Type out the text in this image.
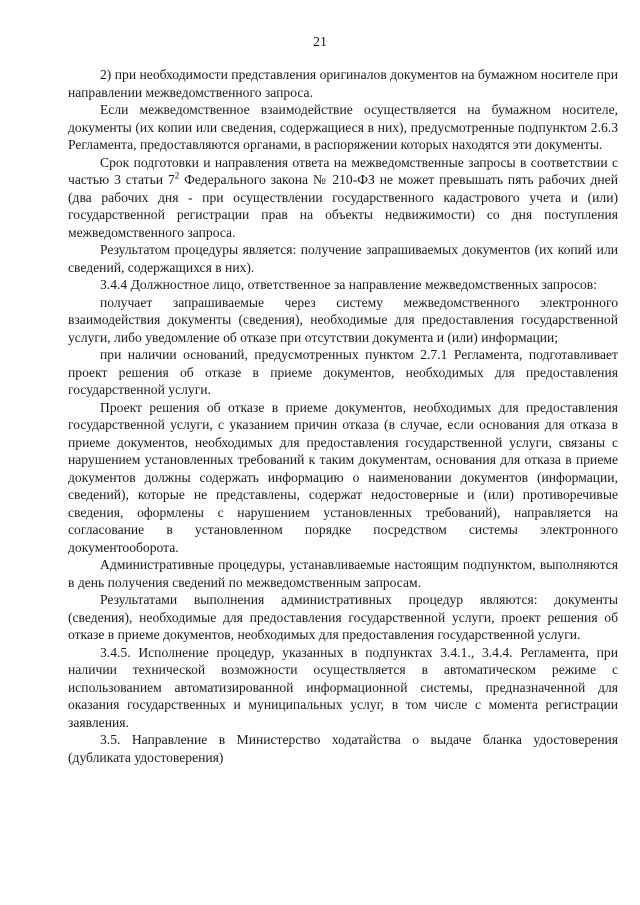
21

2) при необходимости представления оригиналов документов на бумажном носителе при направлении межведомственного запроса.

Если межведомственное взаимодействие осуществляется на бумажном носителе, документы (их копии или сведения, содержащиеся в них), предусмотренные подпунктом 2.6.3 Регламента, предоставляются органами, в распоряжении которых находятся эти документы.

Срок подготовки и направления ответа на межведомственные запросы в соответствии с частью 3 статьи $7^2$ Федерального закона № 210-ФЗ не может превышать пять рабочих дней (два рабочих дня - при осуществлении государственного кадастрового учета и (или) государственной регистрации прав на объекты недвижимости) со дня поступления межведомственного запроса.

Результатом процедуры является: получение запрашиваемых документов (их копий или сведений, содержащихся в них).

3.4.4 Должностное лицо, ответственное за направление межведомственных запросов:

получает запрашиваемые через систему межведомственного электронного взаимодействия документы (сведения), необходимые для предоставления государственной услуги, либо уведомление об отказе при отсутствии документа и (или) информации;

при наличии оснований, предусмотренных пунктом 2.7.1 Регламента, подготавливает проект решения об отказе в приеме документов, необходимых для предоставления государственной услуги.

Проект решения об отказе в приеме документов, необходимых для предоставления государственной услуги, с указанием причин отказа (в случае, если основания для отказа в приеме документов, необходимых для предоставления государственной услуги, связаны с нарушением установленных требований к таким документам, основания для отказа в приеме документов должны содержать информацию о наименовании документов (информации, сведений), которые не представлены, содержат недостоверные и (или) противоречивые сведения, оформлены с нарушением установленных требований), направляется на согласование в установленном порядке посредством системы электронного документооборота.

Административные процедуры, устанавливаемые настоящим подпунктом, выполняются в день получения сведений по межведомственным запросам.

Результатами выполнения административных процедур являются: документы (сведения), необходимые для предоставления государственной услуги, проект решения об отказе в приеме документов, необходимых для предоставления государственной услуги.

3.4.5. Исполнение процедур, указанных в подпунктах 3.4.1., 3.4.4. Регламента, при наличии технической возможности осуществляется в автоматическом режиме с использованием автоматизированной информационной системы, предназначенной для оказания государственных и муниципальных услуг, в том числе с момента регистрации заявления.

3.5. Направление в Министерство ходатайства о выдаче бланка удостоверения (дубликата удостоверения)
